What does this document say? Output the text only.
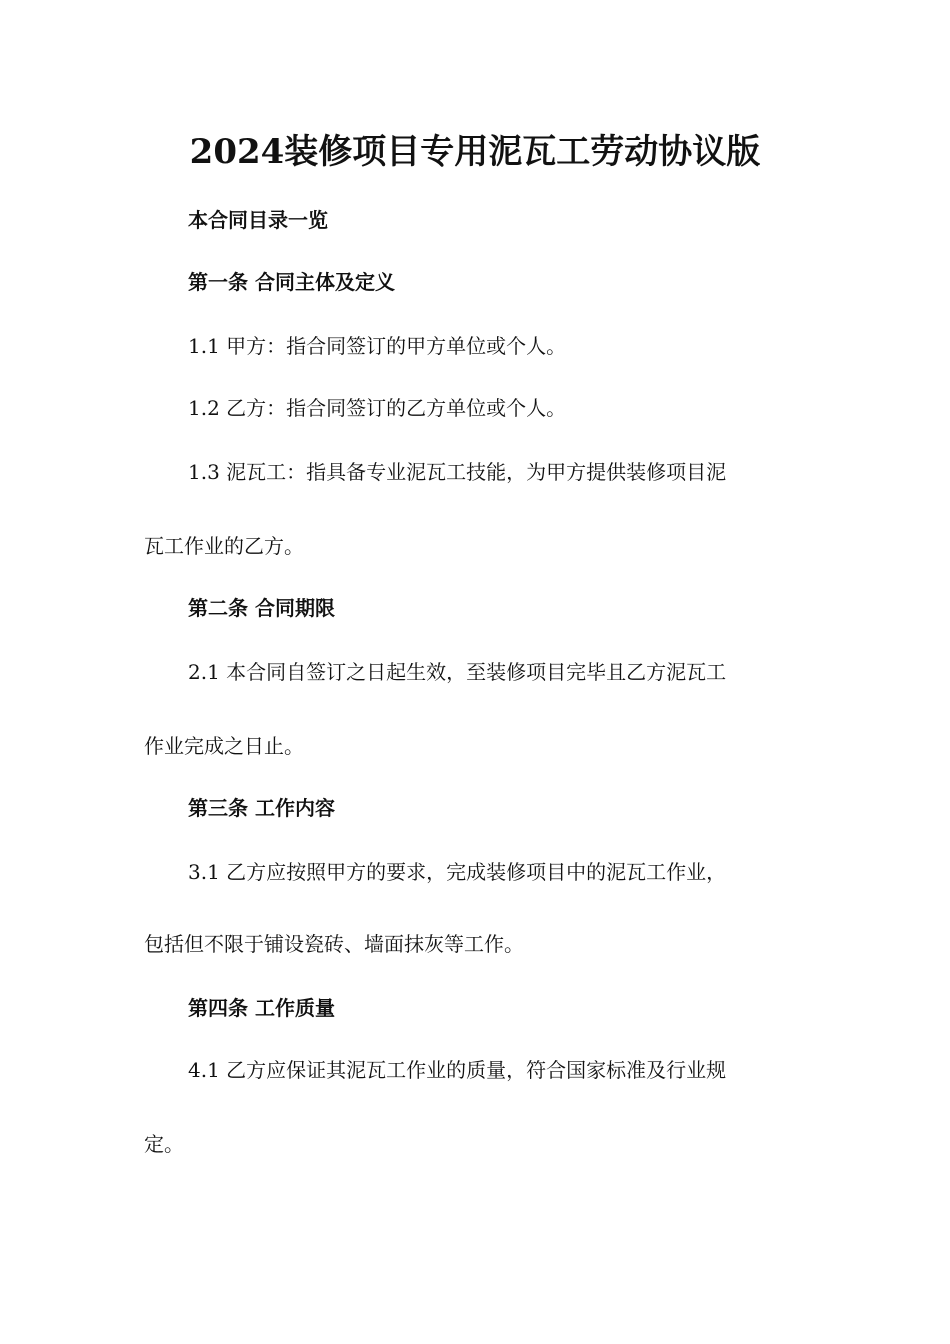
2024装修项目专用泥瓦工劳动协议版
本合同目录一览
第一条 合同主体及定义
1.1 甲方：指合同签订的甲方单位或个人。
1.2 乙方：指合同签订的乙方单位或个人。
1.3 泥瓦工：指具备专业泥瓦工技能，为甲方提供装修项目泥
瓦工作业的乙方。
第二条 合同期限
2.1 本合同自签订之日起生效，至装修项目完毕且乙方泥瓦工
作业完成之日止。
第三条 工作内容
3.1 乙方应按照甲方的要求，完成装修项目中的泥瓦工作业，
包括但不限于铺设瓷砖、墙面抹灰等工作。
第四条 工作质量
4.1 乙方应保证其泥瓦工作业的质量，符合国家标准及行业规
定。
